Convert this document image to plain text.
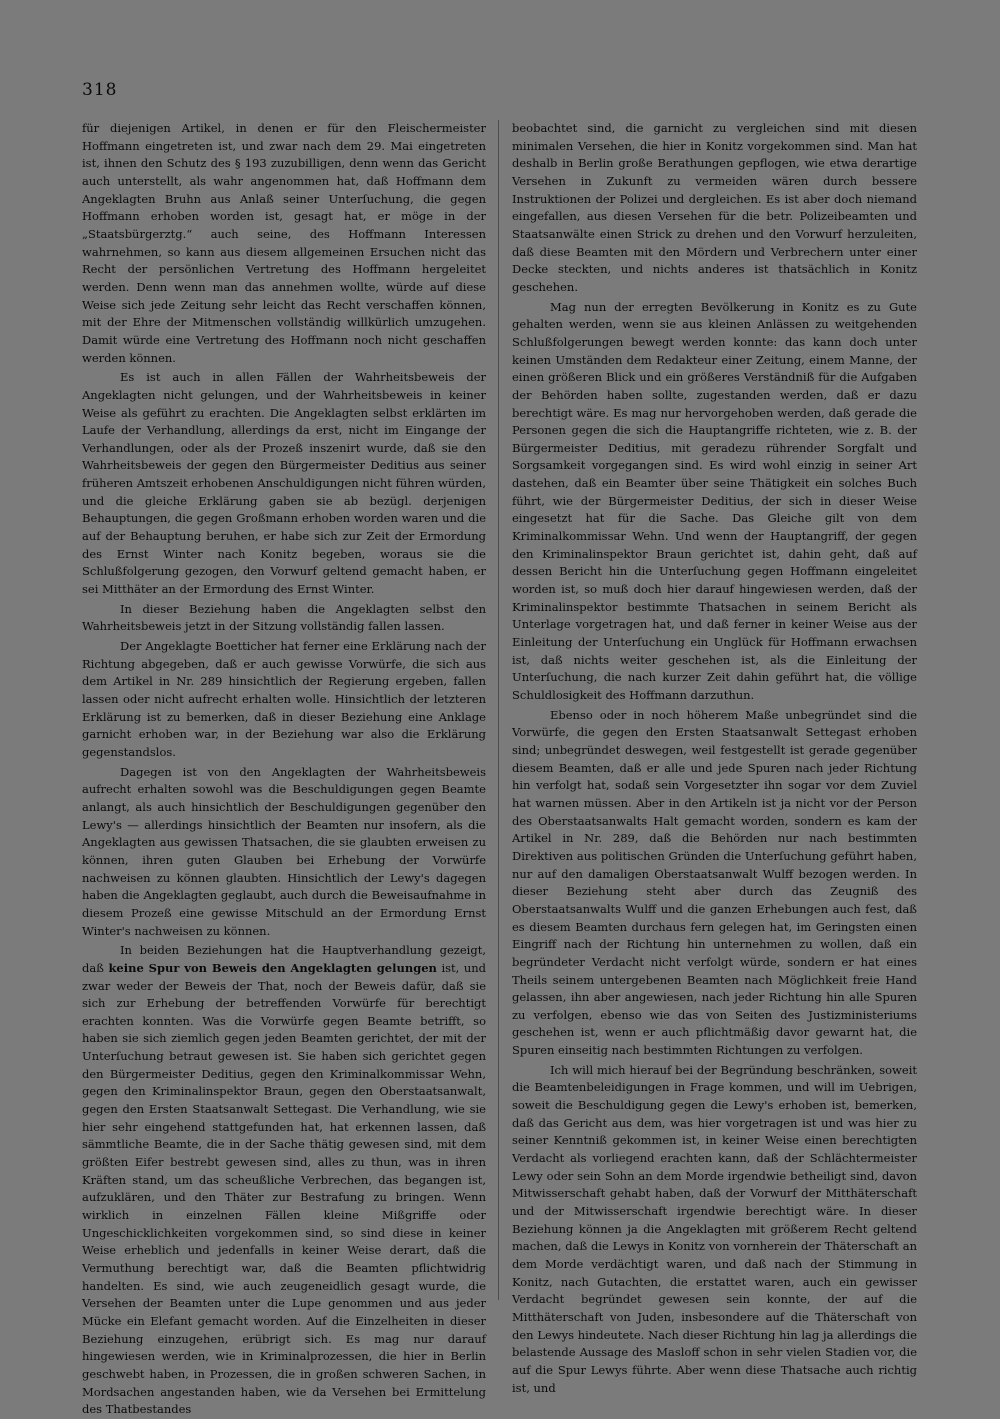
318

für diejenigen Artikel, in denen er für den Fleischermeister Hoffmann eingetreten ist, und zwar nach dem 29. Mai eingetreten ist, ihnen den Schutz des § 193 zuzubilligen, denn wenn das Gericht auch unterstellt, als wahr angenommen hat, daß Hoffmann dem Angeklagten Bruhn aus Anlaß seiner Unterſuchung, die gegen Hoffmann erhoben worden ist, gesagt hat, er möge in der „Staatsbürgerztg.“ auch seine, des Hoffmann Interessen wahrnehmen, so kann aus diesem allgemeinen Ersuchen nicht das Recht der persönlichen Vertretung des Hoffmann hergeleitet werden. Denn wenn man das annehmen wollte, würde auf diese Weise sich jede Zeitung sehr leicht das Recht verschaffen können, mit der Ehre der Mitmenschen vollständig willkürlich umzugehen. Damit würde eine Vertretung des Hoffmann noch nicht geschaffen werden können.

Es ist auch in allen Fällen der Wahrheitsbeweis der Angeklagten nicht gelungen, und der Wahrheitsbeweis in keiner Weise als geführt zu erachten. Die Angeklagten selbst erklärten im Laufe der Verhandlung, allerdings da erst, nicht im Eingange der Verhandlungen, oder als der Prozeß inszenirt wurde, daß sie den Wahrheitsbeweis der gegen den Bürgermeister Deditius aus seiner früheren Amtszeit erhobenen Anschuldigungen nicht führen würden, und die gleiche Erklärung gaben sie ab bezügl. derjenigen Behauptungen, die gegen Großmann erhoben worden waren und die auf der Behauptung beruhen, er habe sich zur Zeit der Ermordung des Ernst Winter nach Konitz begeben, woraus sie die Schlußfolgerung gezogen, den Vorwurf geltend gemacht haben, er sei Mitthäter an der Ermordung des Ernst Winter.

In dieser Beziehung haben die Angeklagten selbst den Wahrheitsbeweis jetzt in der Sitzung vollständig fallen lassen.

Der Angeklagte Boetticher hat ferner eine Erklärung nach der Richtung abgegeben, daß er auch gewisse Vorwürfe, die sich aus dem Artikel in Nr. 289 hinsichtlich der Regierung ergeben, fallen lassen oder nicht aufrecht erhalten wolle. Hinsichtlich der letzteren Erklärung ist zu bemerken, daß in dieser Beziehung eine Anklage garnicht erhoben war, in der Beziehung war also die Erklärung gegenstandslos.

Dagegen ist von den Angeklagten der Wahrheitsbeweis aufrecht erhalten sowohl was die Beschuldigungen gegen Beamte anlangt, als auch hinsichtlich der Beschuldigungen gegenüber den Lewy's — allerdings hinsichtlich der Beamten nur insofern, als die Angeklagten aus gewissen Thatsachen, die sie glaubten erweisen zu können, ihren guten Glauben bei Erhebung der Vorwürfe nachweisen zu können glaubten. Hinsichtlich der Lewy's dagegen haben die Angeklagten geglaubt, auch durch die Beweisaufnahme in diesem Prozeß eine gewisse Mitschuld an der Ermordung Ernst Winter's nachweisen zu können.

In beiden Beziehungen hat die Hauptverhandlung gezeigt, daß keine Spur von Beweis den Angeklagten gelungen ist, und zwar weder der Beweis der That, noch der Beweis dafür, daß sie sich zur Erhebung der betreffenden Vorwürfe für berechtigt erachten konnten. Was die Vorwürfe gegen Beamte betrifft, so haben sie sich ziemlich gegen jeden Beamten gerichtet, der mit der Unterſuchung betraut gewesen ist. Sie haben sich gerichtet gegen den Bürgermeister Deditius, gegen den Kriminalkommissar Wehn, gegen den Kriminalinspektor Braun, gegen den Oberstaatsanwalt, gegen den Ersten Staatsanwalt Settegast. Die Verhandlung, wie sie hier sehr eingehend stattgefunden hat, hat erkennen lassen, daß sämmtliche Beamte, die in der Sache thätig gewesen sind, mit dem größten Eifer bestrebt gewesen sind, alles zu thun, was in ihren Kräften stand, um das scheußliche Verbrechen, das begangen ist, aufzuklären, und den Thäter zur Bestrafung zu bringen. Wenn wirklich in einzelnen Fällen kleine Mißgriffe oder Ungeschicklichkeiten vorgekommen sind, so sind diese in keiner Weise erheblich und jedenfalls in keiner Weise derart, daß die Vermuthung berechtigt war, daß die Beamten pflichtwidrig handelten. Es sind, wie auch zeugeneidlich gesagt wurde, die Versehen der Beamten unter die Lupe genommen und aus jeder Mücke ein Elefant gemacht worden. Auf die Einzelheiten in dieser Beziehung einzugehen, erübrigt sich. Es mag nur darauf hingewiesen werden, wie in Kriminalprozessen, die hier in Berlin geschwebt haben, in Prozessen, die in großen schweren Sachen, in Mordsachen angestanden haben, wie da Versehen bei Ermittelung des Thatbestandes

beobachtet sind, die garnicht zu vergleichen sind mit diesen minimalen Versehen, die hier in Konitz vorgekommen sind. Man hat deshalb in Berlin große Berathungen gepflogen, wie etwa derartige Versehen in Zukunft zu vermeiden wären durch bessere Instruktionen der Polizei und dergleichen. Es ist aber doch niemand eingefallen, aus diesen Versehen für die betr. Polizeibeamten und Staatsanwälte einen Strick zu drehen und den Vorwurf herzuleiten, daß diese Beamten mit den Mördern und Verbrechern unter einer Decke steckten, und nichts anderes ist thatsächlich in Konitz geschehen.

Mag nun der erregten Bevölkerung in Konitz es zu Gute gehalten werden, wenn sie aus kleinen Anlässen zu weitgehenden Schlußfolgerungen bewegt werden konnte: das kann doch unter keinen Umständen dem Redakteur einer Zeitung, einem Manne, der einen größeren Blick und ein größeres Verständniß für die Aufgaben der Behörden haben sollte, zugestanden werden, daß er dazu berechtigt wäre. Es mag nur hervorgehoben werden, daß gerade die Personen gegen die sich die Hauptangriffe richteten, wie z. B. der Bürgermeister Deditius, mit geradezu rührender Sorgfalt und Sorgsamkeit vorgegangen sind. Es wird wohl einzig in seiner Art dastehen, daß ein Beamter über seine Thätigkeit ein solches Buch führt, wie der Bürgermeister Deditius, der sich in dieser Weise eingesetzt hat für die Sache. Das Gleiche gilt von dem Kriminalkommissar Wehn. Und wenn der Hauptangriff, der gegen den Kriminalinspektor Braun gerichtet ist, dahin geht, daß auf dessen Bericht hin die Unterſuchung gegen Hoffmann eingeleitet worden ist, so muß doch hier darauf hingewiesen werden, daß der Kriminalinspektor bestimmte Thatsachen in seinem Bericht als Unterlage vorgetragen hat, und daß ferner in keiner Weise aus der Einleitung der Unterſuchung ein Unglück für Hoffmann erwachsen ist, daß nichts weiter geschehen ist, als die Einleitung der Unterſuchung, die nach kurzer Zeit dahin geführt hat, die völlige Schuldlosigkeit des Hoffmann darzuthun.

Ebenso oder in noch höherem Maße unbegründet sind die Vorwürfe, die gegen den Ersten Staatsanwalt Settegast erhoben sind; unbegründet deswegen, weil festgestellt ist gerade gegenüber diesem Beamten, daß er alle und jede Spuren nach jeder Richtung hin verfolgt hat, sodaß sein Vorgesetzter ihn sogar vor dem Zuviel hat warnen müssen. Aber in den Artikeln ist ja nicht vor der Person des Oberstaatsanwalts Halt gemacht worden, sondern es kam der Artikel in Nr. 289, daß die Behörden nur nach bestimmten Direktiven aus politischen Gründen die Unterſuchung geführt haben, nur auf den damaligen Oberstaatsanwalt Wulff bezogen werden. In dieser Beziehung steht aber durch das Zeugniß des Oberstaatsanwalts Wulff und die ganzen Erhebungen auch fest, daß es diesem Beamten durchaus fern gelegen hat, im Geringsten einen Eingriff nach der Richtung hin unternehmen zu wollen, daß ein begründeter Verdacht nicht verfolgt würde, sondern er hat eines Theils seinem untergebenen Beamten nach Möglichkeit freie Hand gelassen, ihn aber angewiesen, nach jeder Richtung hin alle Spuren zu verfolgen, ebenso wie das von Seiten des Justizministeriums geschehen ist, wenn er auch pflichtmäßig davor gewarnt hat, die Spuren einseitig nach bestimmten Richtungen zu verfolgen.

Ich will mich hierauf bei der Begründung beschränken, soweit die Beamtenbeleidigungen in Frage kommen, und will im Uebrigen, soweit die Beschuldigung gegen die Lewy's erhoben ist, bemerken, daß das Gericht aus dem, was hier vorgetragen ist und was hier zu seiner Kenntniß gekommen ist, in keiner Weise einen berechtigten Verdacht als vorliegend erachten kann, daß der Schlächtermeister Lewy oder sein Sohn an dem Morde irgendwie betheiligt sind, davon Mitwisserschaft gehabt haben, daß der Vorwurf der Mitthäterschaft und der Mitwisserschaft irgendwie berechtigt wäre. In dieser Beziehung können ja die Angeklagten mit größerem Recht geltend machen, daß die Lewys in Konitz von vornherein der Thäterschaft an dem Morde verdächtigt waren, und daß nach der Stimmung in Konitz, nach Gutachten, die erstattet waren, auch ein gewisser Verdacht begründet gewesen sein konnte, der auf die Mitthäterschaft von Juden, insbesondere auf die Thäterschaft von den Lewys hindeutete. Nach dieser Richtung hin lag ja allerdings die belastende Aussage des Masloff schon in sehr vielen Stadien vor, die auf die Spur Lewys führte. Aber wenn diese Thatsache auch richtig ist, und
